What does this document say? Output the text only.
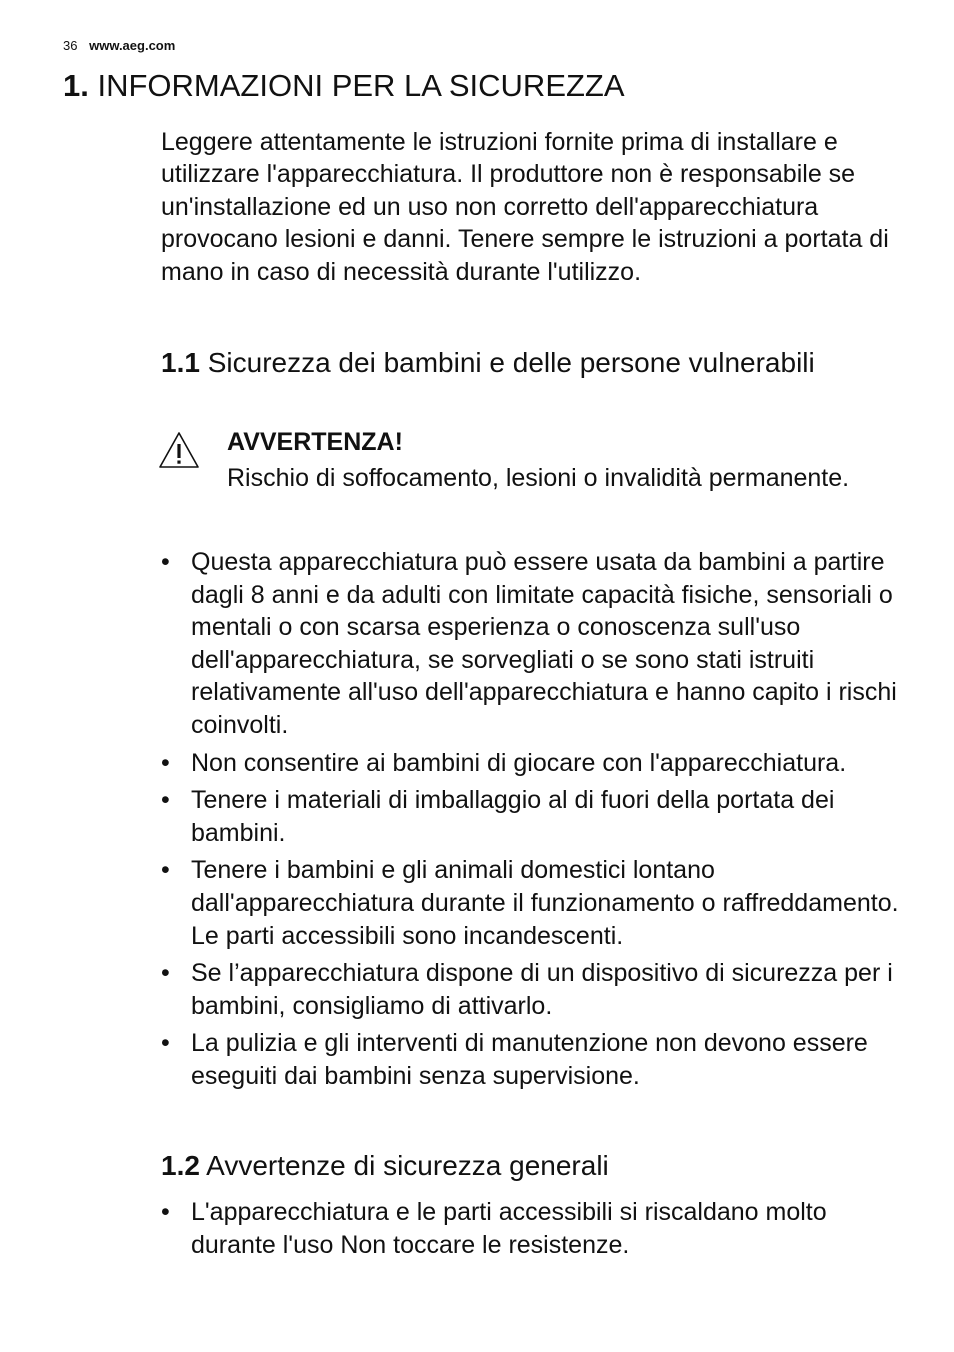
36 www.aeg.com
1. INFORMAZIONI PER LA SICUREZZA

Leggere attentamente le istruzioni fornite prima di installare e utilizzare l'apparecchiatura. Il produttore non è responsabile se un'installazione ed un uso non corretto dell'apparecchiatura provocano lesioni e danni. Tenere sempre le istruzioni a portata di mano in caso di necessità durante l'utilizzo.

1.1 Sicurezza dei bambini e delle persone vulnerabili
AVVERTENZA!
Rischio di soffocamento, lesioni o invalidità permanente.
• Questa apparecchiatura può essere usata da bambini a partire dagli 8 anni e da adulti con limitate capacità fisiche, sensoriali o mentali o con scarsa esperienza o conoscenza sull'uso dell'apparecchiatura, se sorvegliati o se sono stati istruiti relativamente all'uso dell'apparecchiatura e hanno capito i rischi coinvolti.
• Non consentire ai bambini di giocare con l'apparecchiatura.
• Tenere i materiali di imballaggio al di fuori della portata dei bambini.
• Tenere i bambini e gli animali domestici lontano dall'apparecchiatura durante il funzionamento o raffreddamento. Le parti accessibili sono incandescenti.
• Se l’apparecchiatura dispone di un dispositivo di sicurezza per i bambini, consigliamo di attivarlo.
• La pulizia e gli interventi di manutenzione non devono essere eseguiti dai bambini senza supervisione.
1.2 Avvertenze di sicurezza generali
• L'apparecchiatura e le parti accessibili si riscaldano molto durante l'uso Non toccare le resistenze.
